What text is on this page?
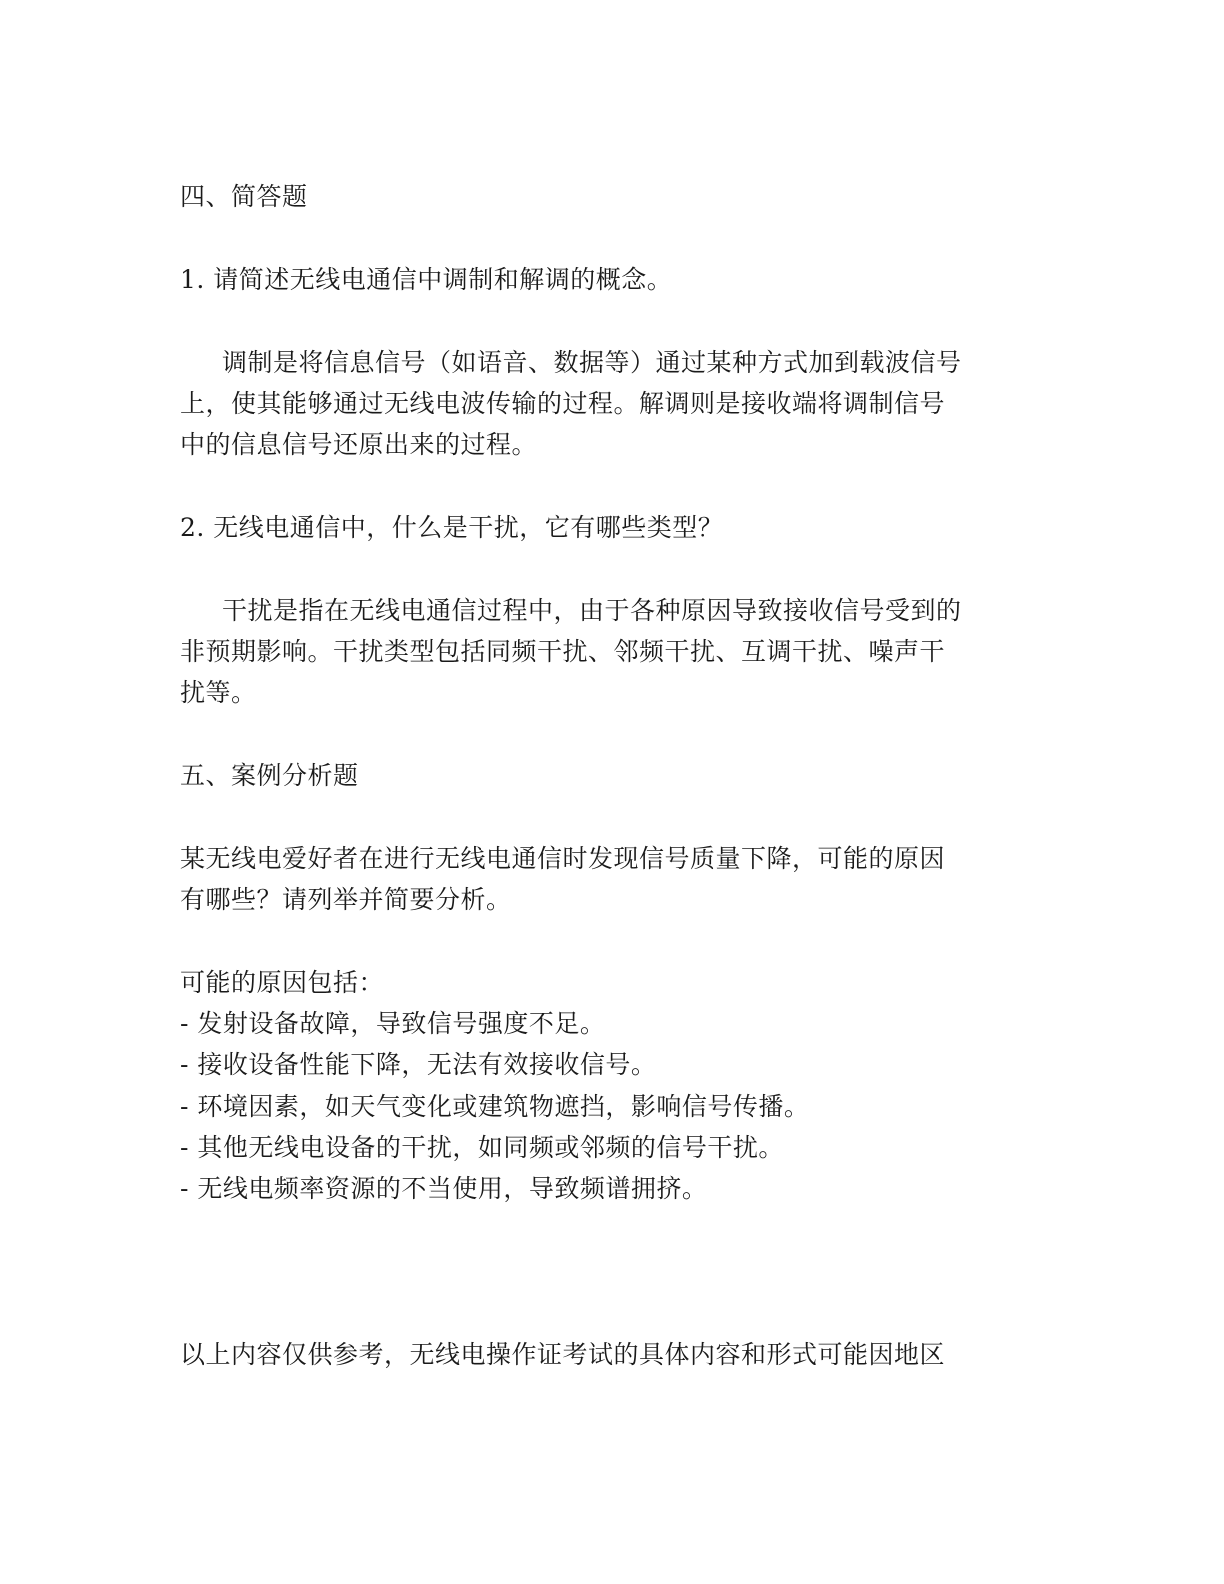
四、简答题
1. 请简述无线电通信中调制和解调的概念。
调制是将信息信号（如语音、数据等）通过某种方式加到载波信号
上，使其能够通过无线电波传输的过程。解调则是接收端将调制信号
中的信息信号还原出来的过程。
2. 无线电通信中，什么是干扰，它有哪些类型？
干扰是指在无线电通信过程中，由于各种原因导致接收信号受到的
非预期影响。干扰类型包括同频干扰、邻频干扰、互调干扰、噪声干
扰等。
五、案例分析题
某无线电爱好者在进行无线电通信时发现信号质量下降，可能的原因
有哪些？请列举并简要分析。
可能的原因包括：
- 发射设备故障，导致信号强度不足。
- 接收设备性能下降，无法有效接收信号。
- 环境因素，如天气变化或建筑物遮挡，影响信号传播。
- 其他无线电设备的干扰，如同频或邻频的信号干扰。
- 无线电频率资源的不当使用，导致频谱拥挤。
以上内容仅供参考，无线电操作证考试的具体内容和形式可能因地区
